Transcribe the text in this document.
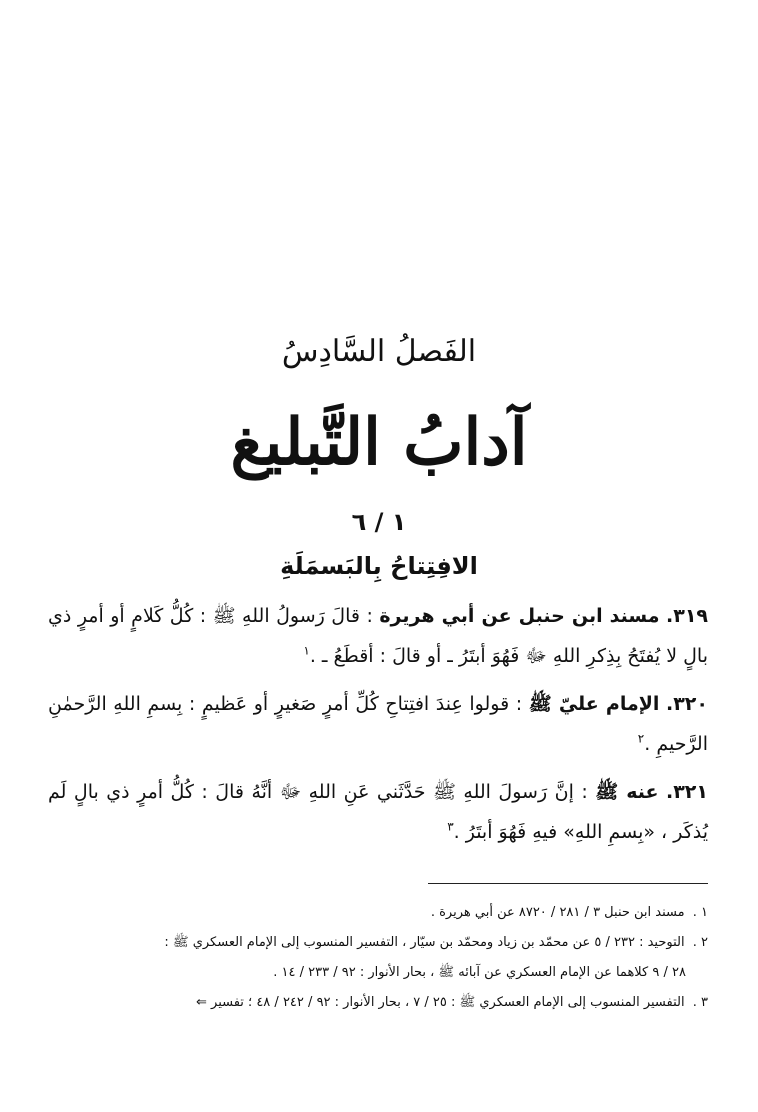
الفَصلُ السَّادِسُ
آدابُ التَّبليغ
١ / ٦
الافِتِتاحُ بِالبَسمَلَةِ

٣١٩. مسند ابن حنبل عن أبي هريرة : قالَ رَسولُ اللهِ ﷺ : كُلُّ كَلامٍ أو أمرٍ ذي بالٍ لا يُفتَحُ بِذِكرِ اللهِ ﷻ فَهُوَ أبتَرُ ـ أو قالَ : أقطَعُ ـ .$^١$

٣٢٠. الإمام عليّ ﷺ : قولوا عِندَ افتِتاحِ كُلِّ أمرٍ صَغيرٍ أو عَظيمٍ : بِسمِ اللهِ الرَّحمٰنِ الرَّحيمِ .$^٢$

٣٢١. عنه ﷺ : إنَّ رَسولَ اللهِ ﷺ حَدَّثَني عَنِ اللهِ ﷻ أنَّهُ قالَ : كُلُّ أمرٍ ذي بالٍ لَم يُذكَر ، «بِسمِ اللهِ» فيهِ فَهُوَ أبتَرُ .$^٣$

١ . مسند ابن حنبل ٣ / ٢٨١ / ٨٧٢٠ عن أبي هريرة .

٢ . التوحيد : ٢٣٢ / ٥ عن محمّد بن زياد ومحمّد بن سيّار ، التفسير المنسوب إلى الإمام العسكري ﷺ :

٢٨ / ٩ كلاهما عن الإمام العسكري عن آبائه ﷺ ، بحار الأنوار : ٩٢ / ٢٣٣ / ١٤ .

٣ . التفسير المنسوب إلى الإمام العسكري ﷺ : ٢٥ / ٧ ، بحار الأنوار : ٩٢ / ٢٤٢ / ٤٨ ؛ تفسير ⇐
